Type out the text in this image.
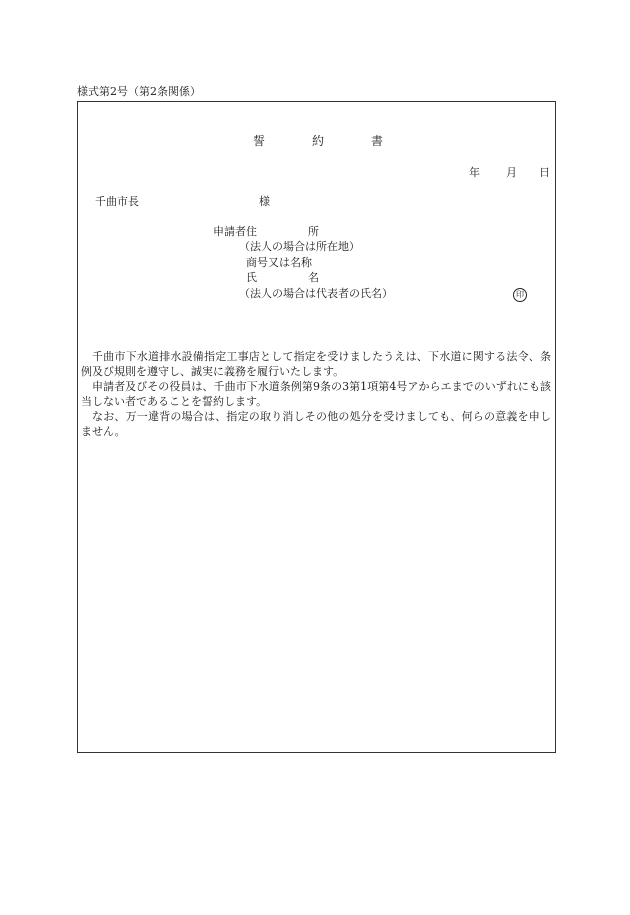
様式第2号（第2条関係）
誓	約	書
年 月 日
千曲市長	様
申請者 住	所
（法人の場合は所在地）
商号又は名称
氏	名
（法人の場合は代表者の氏名）	印

千曲市下水道排水設備指定工事店として指定を受けましたうえは、下水道に関する法令、条例及び規則を遵守し、誠実に義務を履行いたします。

申請者及びその役員は、千曲市下水道条例第9条の3第1項第4号アからエまでのいずれにも該当しない者であることを誓約します。

なお、万一違背の場合は、指定の取り消しその他の処分を受けましても、何らの意義を申しません。
